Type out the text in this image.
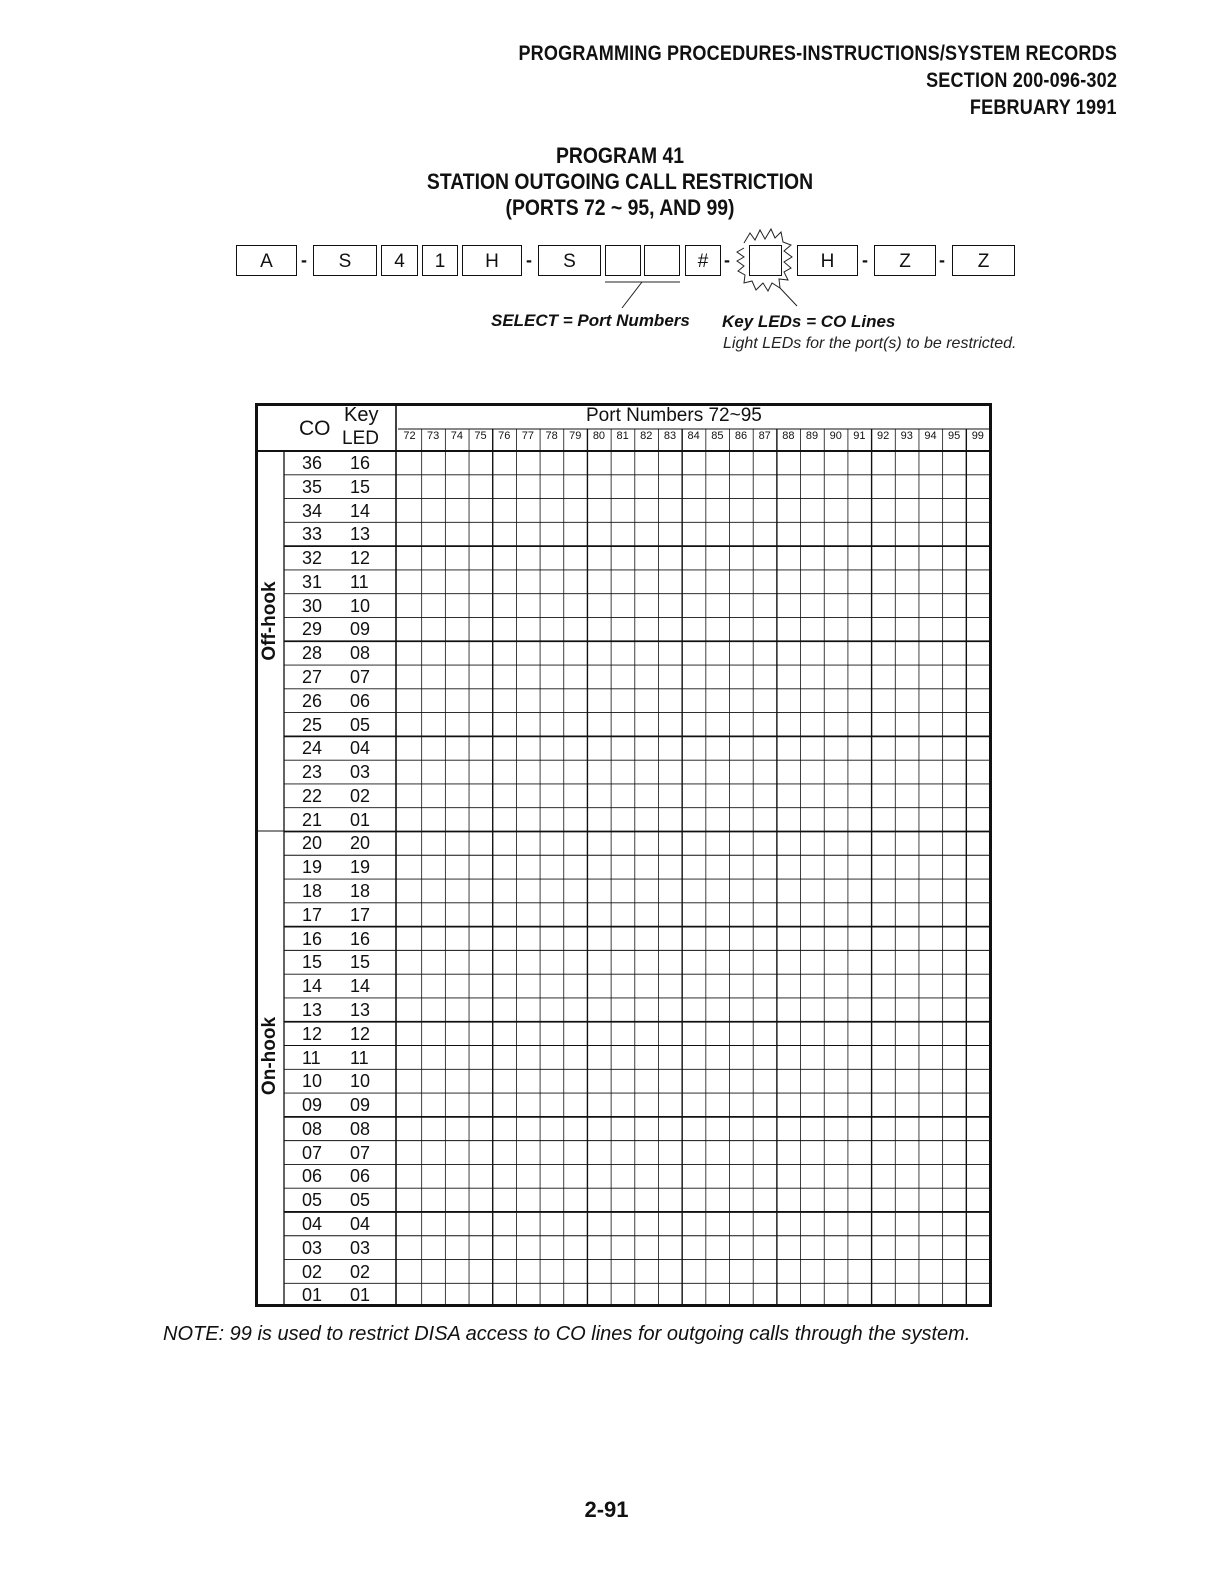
PROGRAMMING PROCEDURES-INSTRUCTIONS/SYSTEM RECORDS
SECTION 200-096-302
FEBRUARY 1991
PROGRAM 41
STATION OUTGOING CALL RESTRICTION
(PORTS 72 ~ 95, AND 99)
A	-	S	4	1	H	-	S	# -	H	-	Z	-	Z
SELECT = Port Numbers Key LEDs = CO Lines
Light LEDs for the port(s) to be restricted.
CO
Key
LED
Port Numbers 72~95
Off-hook
On-hook
72	73	74	75	76	77	78	79	80	81	82	83	84	85	86	87	88	89	90	91	92	93	94	95	99
36 16
35 15
34 14
33 13
32 12
31 11
30 10
29 09
28 08
27 07
26 06
25 05
24 04
23 03
22 02
21 01
20 20
19 19
18 18
17 17
16 16
15 15
14 14
13 13
12 12
11 11
10 10
09 09
08 08
07 07
06 06
05 05
04 04
03 03
02 02
01 01
NOTE: 99 is used to restrict DISA access to CO lines for outgoing calls through the system.
2-91
